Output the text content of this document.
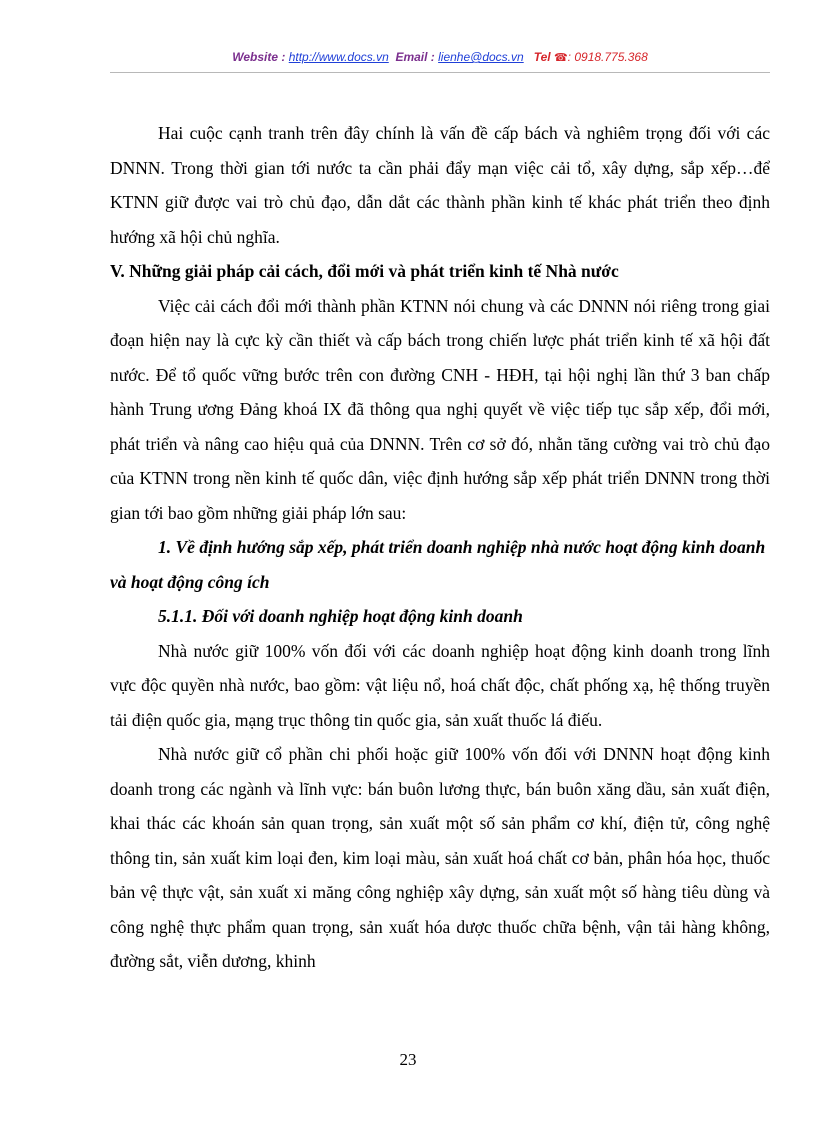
Website : http://www.docs.vn Email : lienhe@docs.vn Tel ☎: 0918.775.368

Hai cuộc cạnh tranh trên đây chính là vấn đề cấp bách và nghiêm trọng đối với các DNNN. Trong thời gian tới nước ta cần phải đẩy mạn việc cải tổ, xây dựng, sắp xếp…để KTNN giữ được vai trò chủ đạo, dẫn dắt các thành phần kinh tế khác phát triển theo định hướng xã hội chủ nghĩa.

V. Những giải pháp cải cách, đổi mới và phát triển kinh tế Nhà nước

Việc cải cách đổi mới thành phần KTNN nói chung và các DNNN nói riêng trong giai đoạn hiện nay là cực kỳ cần thiết và cấp bách trong chiến lược phát triển kinh tế xã hội đất nước. Để tổ quốc vững bước trên con đường CNH - HĐH, tại hội nghị lần thứ 3 ban chấp hành Trung ương Đảng khoá IX đã thông qua nghị quyết về việc tiếp tục sắp xếp, đổi mới, phát triển và nâng cao hiệu quả của DNNN. Trên cơ sở đó, nhằn tăng cường vai trò chủ đạo của KTNN trong nền kinh tế quốc dân, việc định hướng sắp xếp phát triển DNNN trong thời gian tới bao gồm những giải pháp lớn sau:

1. Về định hướng sắp xếp, phát triển doanh nghiệp nhà nước hoạt động kinh doanh và hoạt động công ích

5.1.1. Đối với doanh nghiệp hoạt động kinh doanh

Nhà nước giữ 100% vốn đối với các doanh nghiệp hoạt động kinh doanh trong lĩnh vực độc quyền nhà nước, bao gồm: vật liệu nổ, hoá chất độc, chất phống xạ, hệ thống truyền tải điện quốc gia, mạng trục thông tin quốc gia, sản xuất thuốc lá điếu.

Nhà nước giữ cổ phần chi phối hoặc giữ 100% vốn đối với DNNN hoạt động kinh doanh trong các ngành và lĩnh vực: bán buôn lương thực, bán buôn xăng dầu, sản xuất điện, khai thác các khoán sản quan trọng, sản xuất một số sản phẩm cơ khí, điện tử, công nghệ thông tin, sản xuất kim loại đen, kim loại màu, sản xuất hoá chất cơ bản, phân hóa học, thuốc bản vệ thực vật, sản xuất xi măng công nghiệp xây dựng, sản xuất một số hàng tiêu dùng và công nghệ thực phẩm quan trọng, sản xuất hóa dược thuốc chữa bệnh, vận tải hàng không, đường sắt, viễn dương, khinh

23
